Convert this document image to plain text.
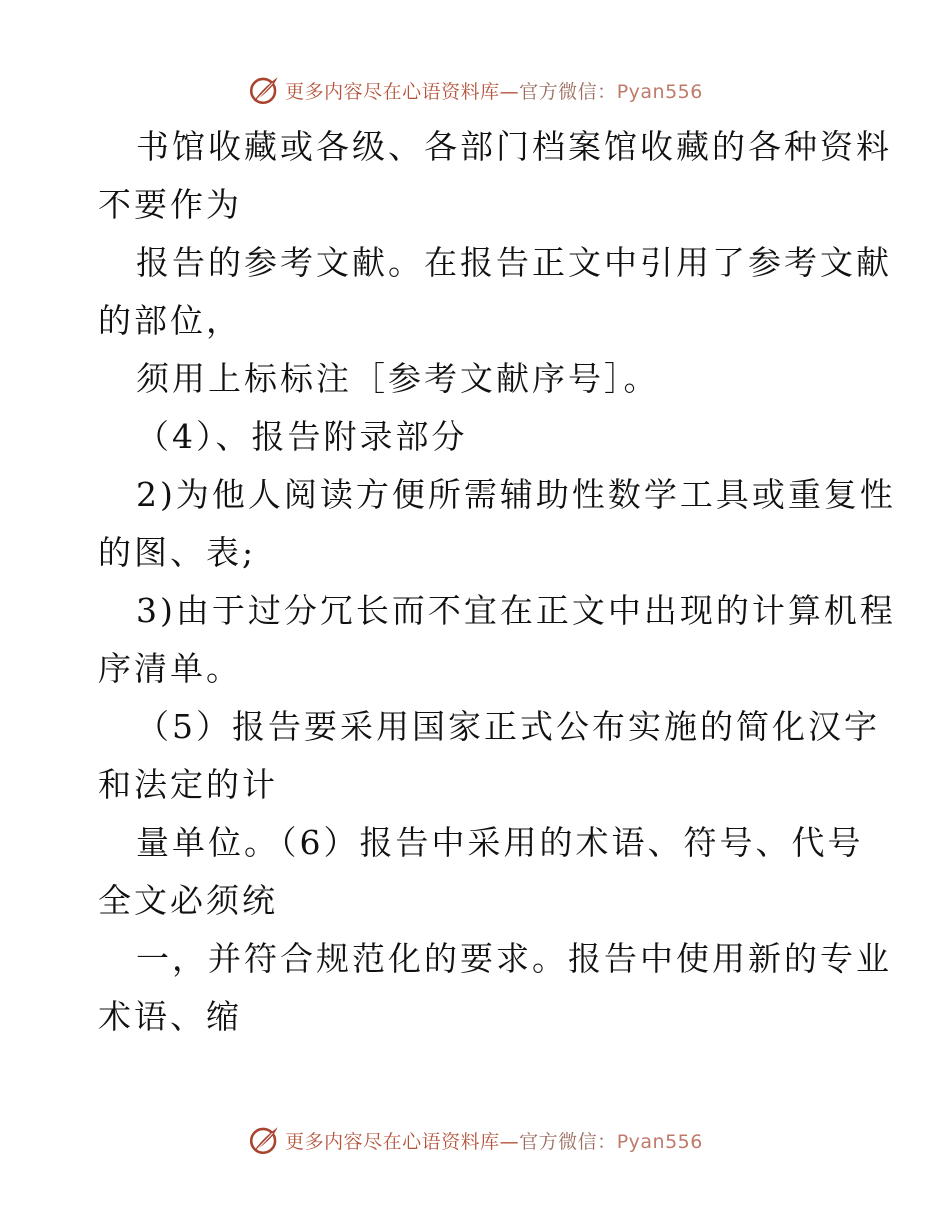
更多内容尽在心语资料库—官方微信：Pyan556
书馆收藏或各级、各部门档案馆收藏的各种资料
不要作为
报告的参考文献。在报告正文中引用了参考文献
的部位，
须用上标标注［参考文献序号］。
（4）、报告附录部分
2)为他人阅读方便所需辅助性数学工具或重复性
的图、表;
3)由于过分冗长而不宜在正文中出现的计算机程
序清单。
（5）报告要采用国家正式公布实施的简化汉字
和法定的计
量单位。（6）报告中采用的术语、符号、代号
全文必须统
一，并符合规范化的要求。报告中使用新的专业
术语、缩
更多内容尽在心语资料库—官方微信：Pyan556
